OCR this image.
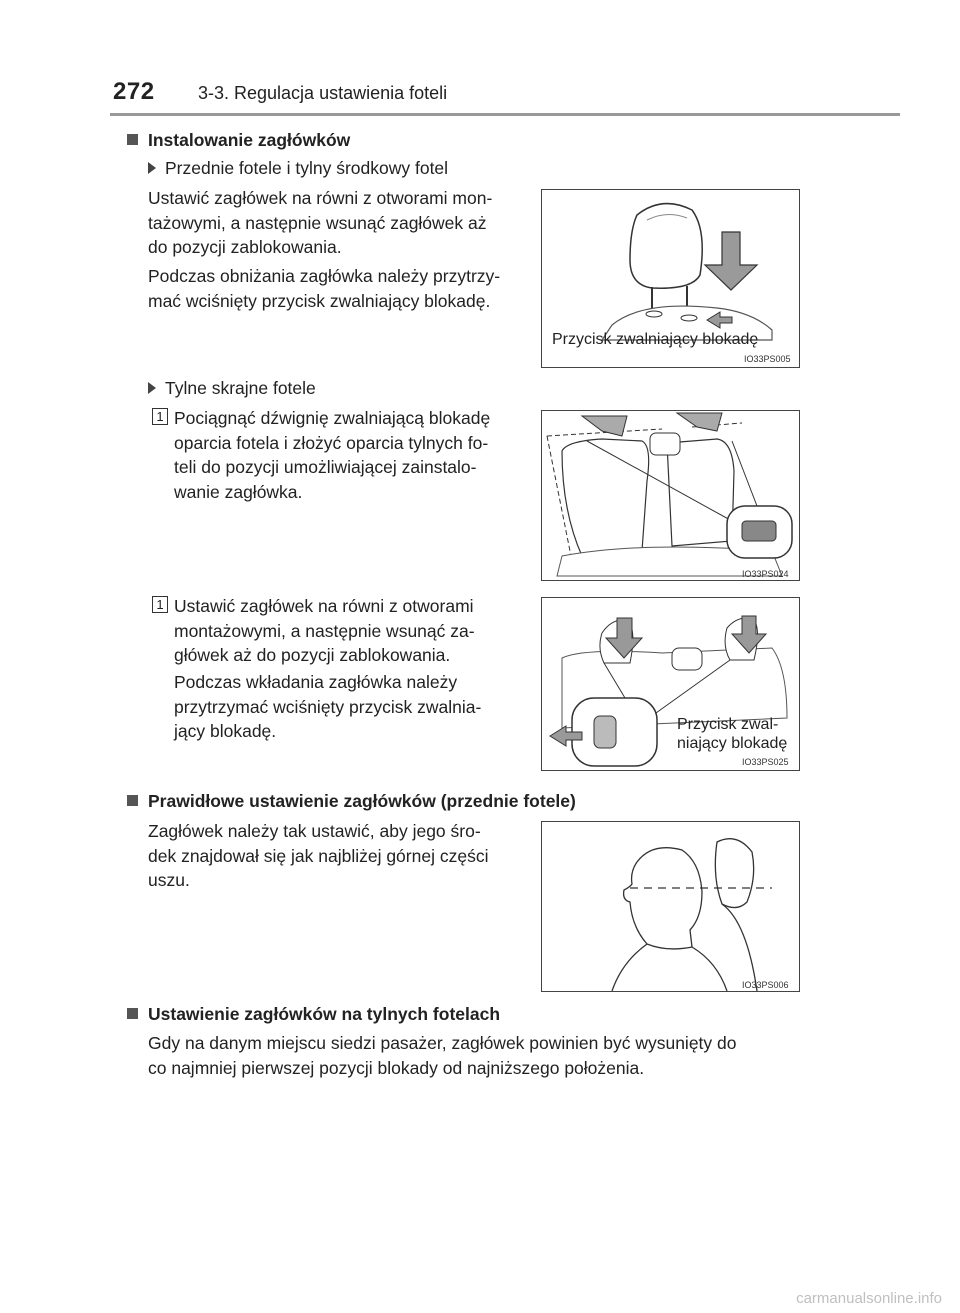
272 3-3. Regulacja ustawienia foteli
Instalowanie zagłówków
Przednie fotele i tylny środkowy fotel
Ustawić zagłówek na równi z otworami mon-
tażowymi, a następnie wsunąć zagłówek aż
do pozycji zablokowania.
Podczas obniżania zagłówka należy przytrzy-
mać wciśnięty przycisk zwalniający blokadę.
Przycisk zwalniający blokadę
IO33PS005
Tylne skrajne fotele
1 Pociągnąć dźwignię zwalniającą blokadę
oparcia fotela i złożyć oparcia tylnych fo-
teli do pozycji umożliwiającej zainstalo-
wanie zagłówka.
IO33PS024
1 Ustawić zagłówek na równi z otworami
montażowymi, a następnie wsunąć za-
główek aż do pozycji zablokowania.
Podczas wkładania zagłówka należy
przytrzymać wciśnięty przycisk zwalnia-
jący blokadę.	Przycisk zwal-
niający blokadę
IO33PS025
Prawidłowe ustawienie zagłówków (przednie fotele)
Zagłówek należy tak ustawić, aby jego śro-
dek znajdował się jak najbliżej górnej części
uszu.
IO33PS006
Ustawienie zagłówków na tylnych fotelach
Gdy na danym miejscu siedzi pasażer, zagłówek powinien być wysunięty do
co najmniej pierwszej pozycji blokady od najniższego położenia.
carmanualsonline.info
